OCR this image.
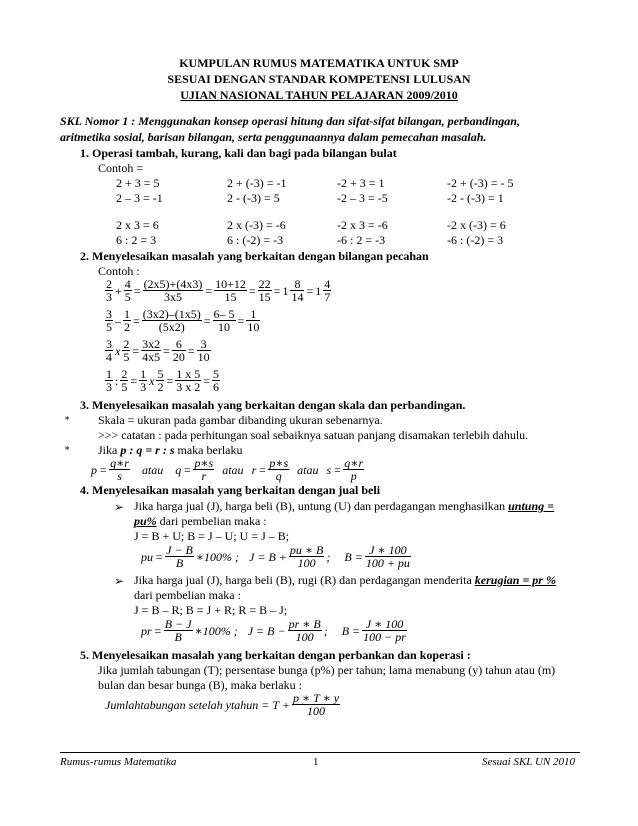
KUMPULAN RUMUS MATEMATIKA UNTUK SMP
SESUAI DENGAN STANDAR KOMPETENSI LULUSAN
UJIAN NASIONAL TAHUN PELAJARAN 2009/2010
SKL Nomor 1 : Menggunakan konsep operasi hitung dan sifat-sifat bilangan, perbandingan,
aritmetika sosial, barisan bilangan, serta penggunaannya dalam pemecahan masalah.
1. Operasi tambah, kurang, kali dan bagi pada bilangan bulat
Contoh =
2 + 3 = 5	2 + (-3) = -1	-2 + 3 = 1	-2 + (-3) = - 5
2 – 3 = -1	2 - (-3) = 5	-2 – 3 = -5	-2 - (-3) = 1
2 x 3 = 6	2 x (-3) = -6	-2 x 3 = -6	-2 x (-3) = 6
6 : 2 = 3	6 : (-2) = -3	-6 : 2 = -3	-6 : (-2) = 3
2. Menyelesaikan masalah yang berkaitan dengan bilangan pecahan
Contoh :
$\frac{2}{3} + \frac{4}{5} = \frac{(2x5)+(4x3)}{3x5} = \frac{10+12}{15} = \frac{22}{15} = 1 \frac{8}{14} = 1 \frac{4}{7}$
$\frac{3}{5} - \frac{1}{2} = \frac{(3x2)-(1x5)}{(5x2)} = \frac{6- 5}{10} = \frac{1}{10}$
$\frac{3}{4}$ x $\frac{2}{5} = \frac{3x2}{4x5} = \frac{6}{20} = \frac{3}{10}$
$\frac{1}{3}$ : $\frac{2}{5} = \frac{1}{3}$ x $\frac{5}{2} = \frac{1 x 5}{3 x 2} = \frac{5}{6}$
3. Menyelesaikan masalah yang berkaitan dengan skala dan perbandingan.
∗ Skala = ukuran pada gambar dibanding ukuran sebenarnya.
>>> catatan : pada perhitungan soal sebaiknya satuan panjang disamakan terlebih dahulu.
∗ Jika p : q = r : s maka berlaku
$p = \frac{q∗r}{s}$ atau $q = \frac{p∗s}{r}$ atau $r = \frac{p∗s}{q}$ atau $s = \frac{q∗r}{p}$
4. Menyelesaikan masalah yang berkaitan dengan jual beli
➢ Jika harga jual (J), harga beli (B), untung (U) dan perdagangan menghasilkan untung =
pu% dari pembelian maka :
J = B + U; B = J – U; U = J – B;
pu = $\frac{J - B}{B}$ ∗100% ; $J = B + \frac{pu ∗ B}{100}$ ; $B = \frac{J ∗ 100}{100 + pu}$
➢ Jika harga jual (J), harga beli (B), rugi (R) dan perdagangan menderita kerugian = pr %
dari pembelian maka :
J = B – R; B = J + R; R = B – J;
pr = $\frac{B - J}{B}$ ∗100% ; $J = B - \frac{pr ∗ B}{100}$ ; $B = \frac{J ∗ 100}{100 - pr}$
5. Menyelesaikan masalah yang berkaitan dengan perbankan dan koperasi :
Jika jumlah tabungan (T); persentase bunga (p%) per tahun; lama menabung (y) tahun atau (m)
bulan dan besar bunga (B), maka berlaku :
Jumlahtabungan setelah ytahun = $T + \frac{p ∗ T ∗ y}{100}$
Rumus-rumus Matematika	1	Sesuai SKL UN 2010
